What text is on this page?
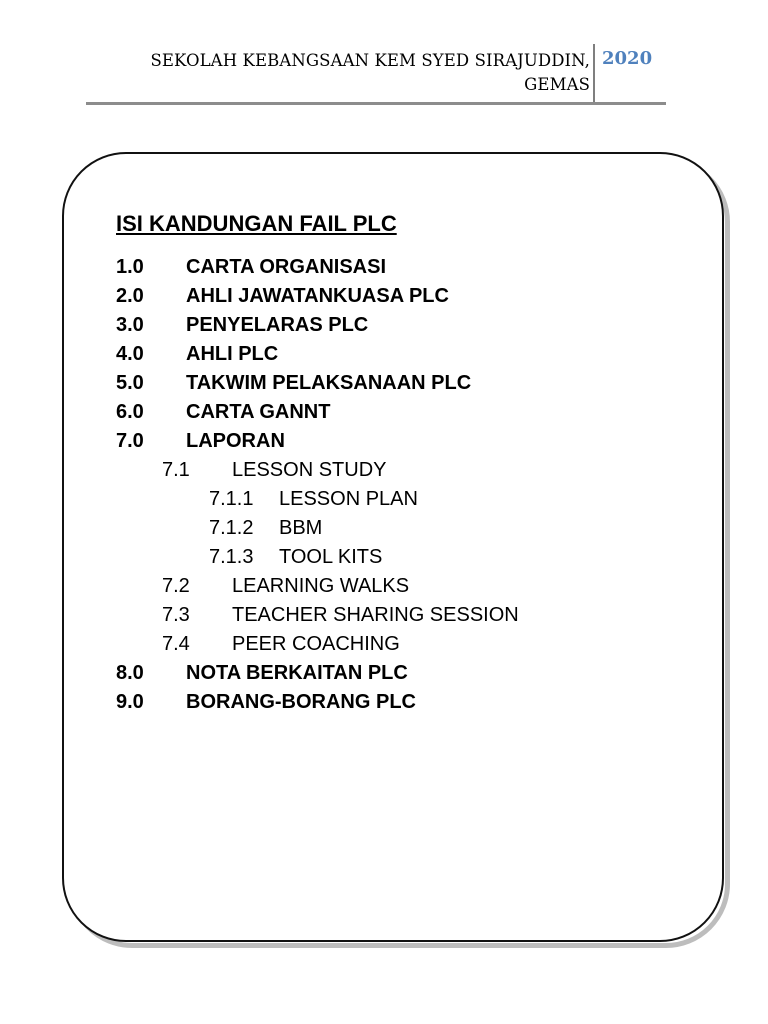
SEKOLAH KEBANGSAAN KEM SYED SIRAJUDDIN,
GEMAS
2020
ISI KANDUNGAN FAIL PLC
1.0 CARTA ORGANISASI
2.0 AHLI JAWATANKUASA PLC
3.0 PENYELARAS PLC
4.0 AHLI PLC
5.0 TAKWIM PELAKSANAAN PLC
6.0 CARTA GANNT
7.0 LAPORAN
7.1 LESSON STUDY
7.1.1 LESSON PLAN
7.1.2 BBM
7.1.3 TOOL KITS
7.2 LEARNING WALKS
7.3 TEACHER SHARING SESSION
7.4 PEER COACHING
8.0 NOTA BERKAITAN PLC
9.0 BORANG-BORANG PLC
